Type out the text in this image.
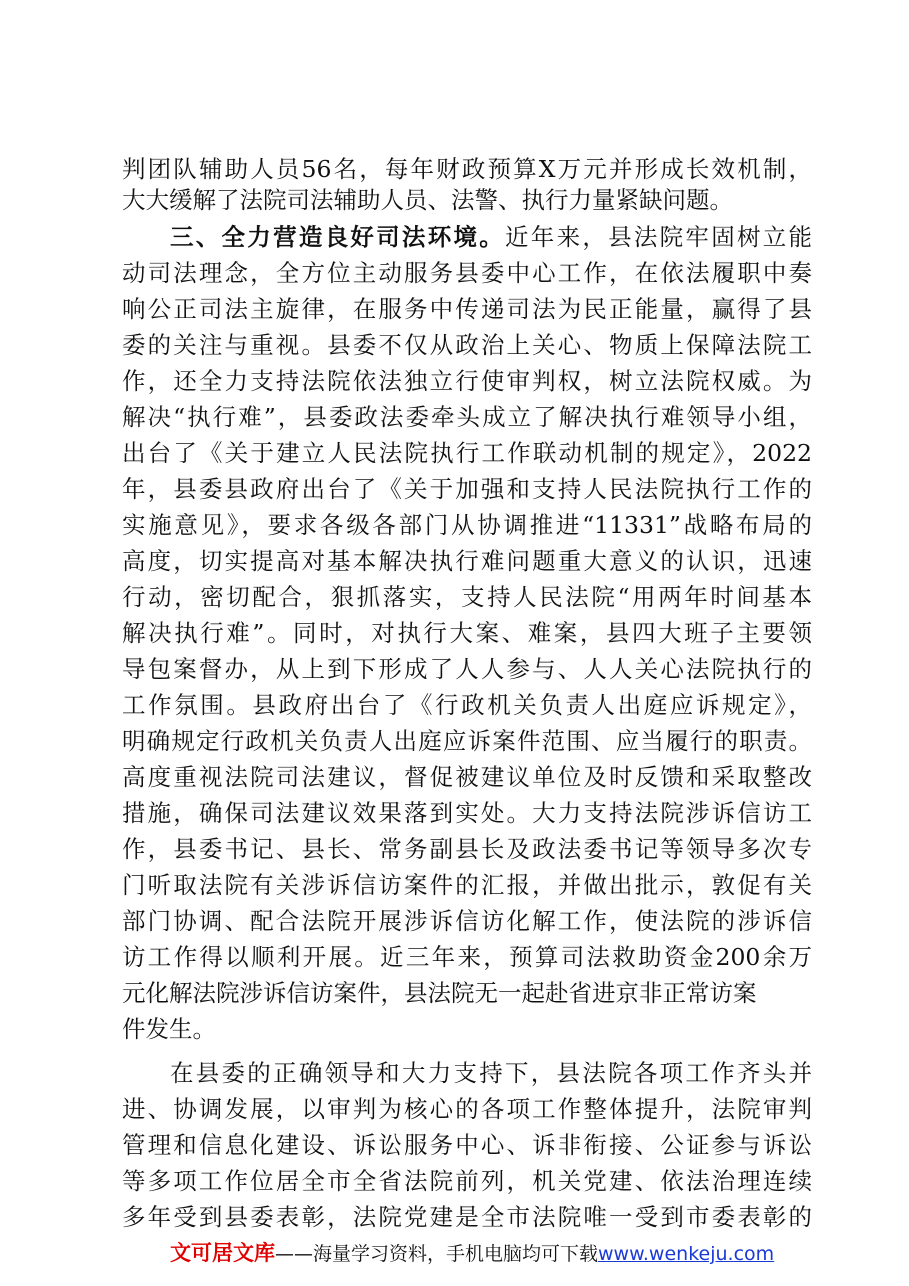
判团队辅助人员56名，每年财政预算X万元并形成长效机制，
大大缓解了法院司法辅助人员、法警、执行力量紧缺问题。
三、全力营造良好司法环境。近年来，县法院牢固树立能
动司法理念，全方位主动服务县委中心工作，在依法履职中奏
响公正司法主旋律，在服务中传递司法为民正能量，赢得了县
委的关注与重视。县委不仅从政治上关心、物质上保障法院工
作，还全力支持法院依法独立行使审判权，树立法院权威。为
解决“执行难”，县委政法委牵头成立了解决执行难领导小组，
出台了《关于建立人民法院执行工作联动机制的规定》，2022
年，县委县政府出台了《关于加强和支持人民法院执行工作的
实施意见》，要求各级各部门从协调推进“11331”战略布局的
高度，切实提高对基本解决执行难问题重大意义的认识，迅速
行动，密切配合，狠抓落实，支持人民法院“用两年时间基本
解决执行难”。同时，对执行大案、难案，县四大班子主要领
导包案督办，从上到下形成了人人参与、人人关心法院执行的
工作氛围。县政府出台了《行政机关负责人出庭应诉规定》，
明确规定行政机关负责人出庭应诉案件范围、应当履行的职责。
高度重视法院司法建议，督促被建议单位及时反馈和采取整改
措施，确保司法建议效果落到实处。大力支持法院涉诉信访工
作，县委书记、县长、常务副县长及政法委书记等领导多次专
门听取法院有关涉诉信访案件的汇报，并做出批示，敦促有关
部门协调、配合法院开展涉诉信访化解工作，使法院的涉诉信
访工作得以顺利开展。近三年来，预算司法救助资金200余万
元化解法院涉诉信访案件，县法院无一起赴省进京非正常访案
件发生。
在县委的正确领导和大力支持下，县法院各项工作齐头并
进、协调发展，以审判为核心的各项工作整体提升，法院审判
管理和信息化建设、诉讼服务中心、诉非衔接、公证参与诉讼
等多项工作位居全市全省法院前列，机关党建、依法治理连续
多年受到县委表彰，法院党建是全市法院唯一受到市委表彰的
文可居文库——海量学习资料，手机电脑均可下载www.wenkeju.com
